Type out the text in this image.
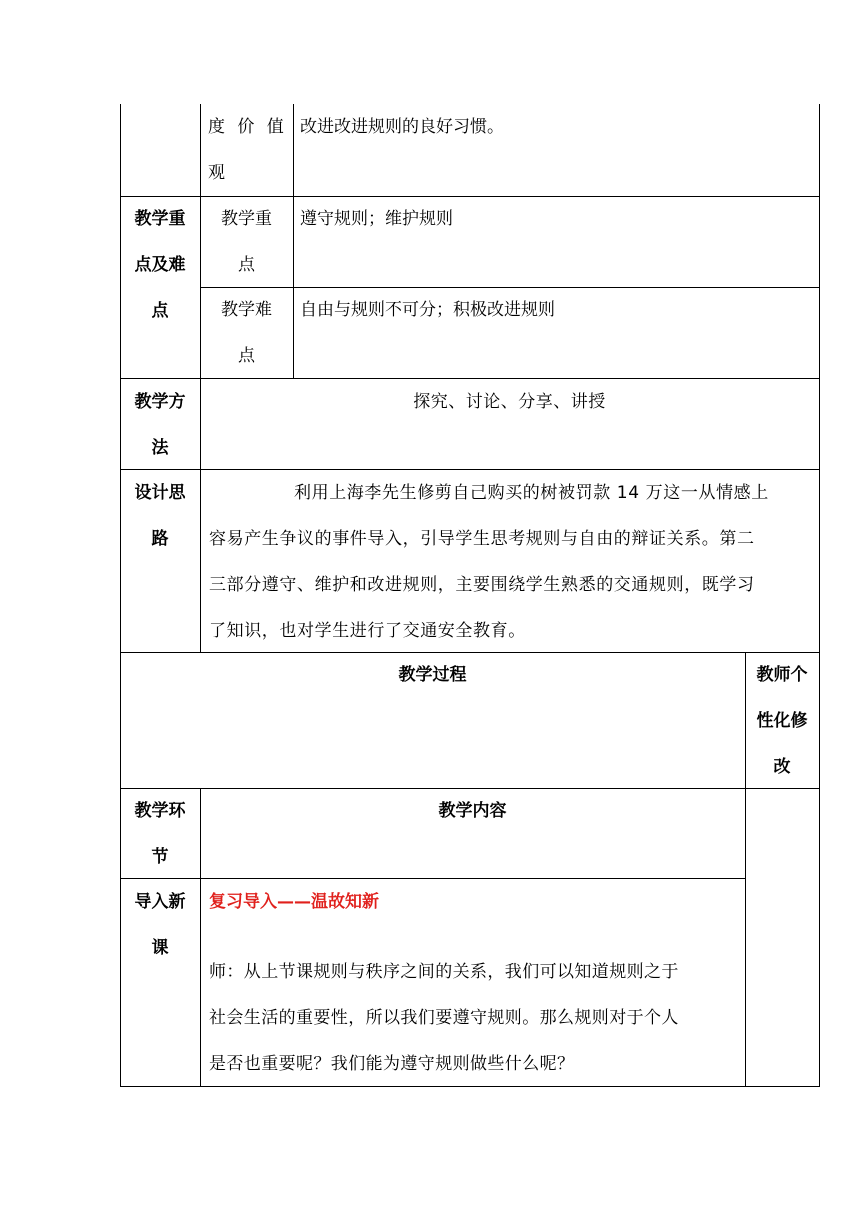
度 价 值
观
改进改进规则的良好习惯。
教学重
点及难
点
教学重
点
遵守规则；维护规则
教学难
点
自由与规则不可分；积极改进规则
教学方
法
探究、讨论、分享、讲授
设计思
路
利用上海李先生修剪自己购买的树被罚款 14 万这一从情感上
容易产生争议的事件导入，引导学生思考规则与自由的辩证关系。第二
三部分遵守、维护和改进规则，主要围绕学生熟悉的交通规则，既学习
了知识，也对学生进行了交通安全教育。
教学过程	教师个
性化修
改
教学环
节
教学内容
导入新
课
复习导入——温故知新
师：从上节课规则与秩序之间的关系，我们可以知道规则之于
社会生活的重要性，所以我们要遵守规则。那么规则对于个人
是否也重要呢？我们能为遵守规则做些什么呢？
